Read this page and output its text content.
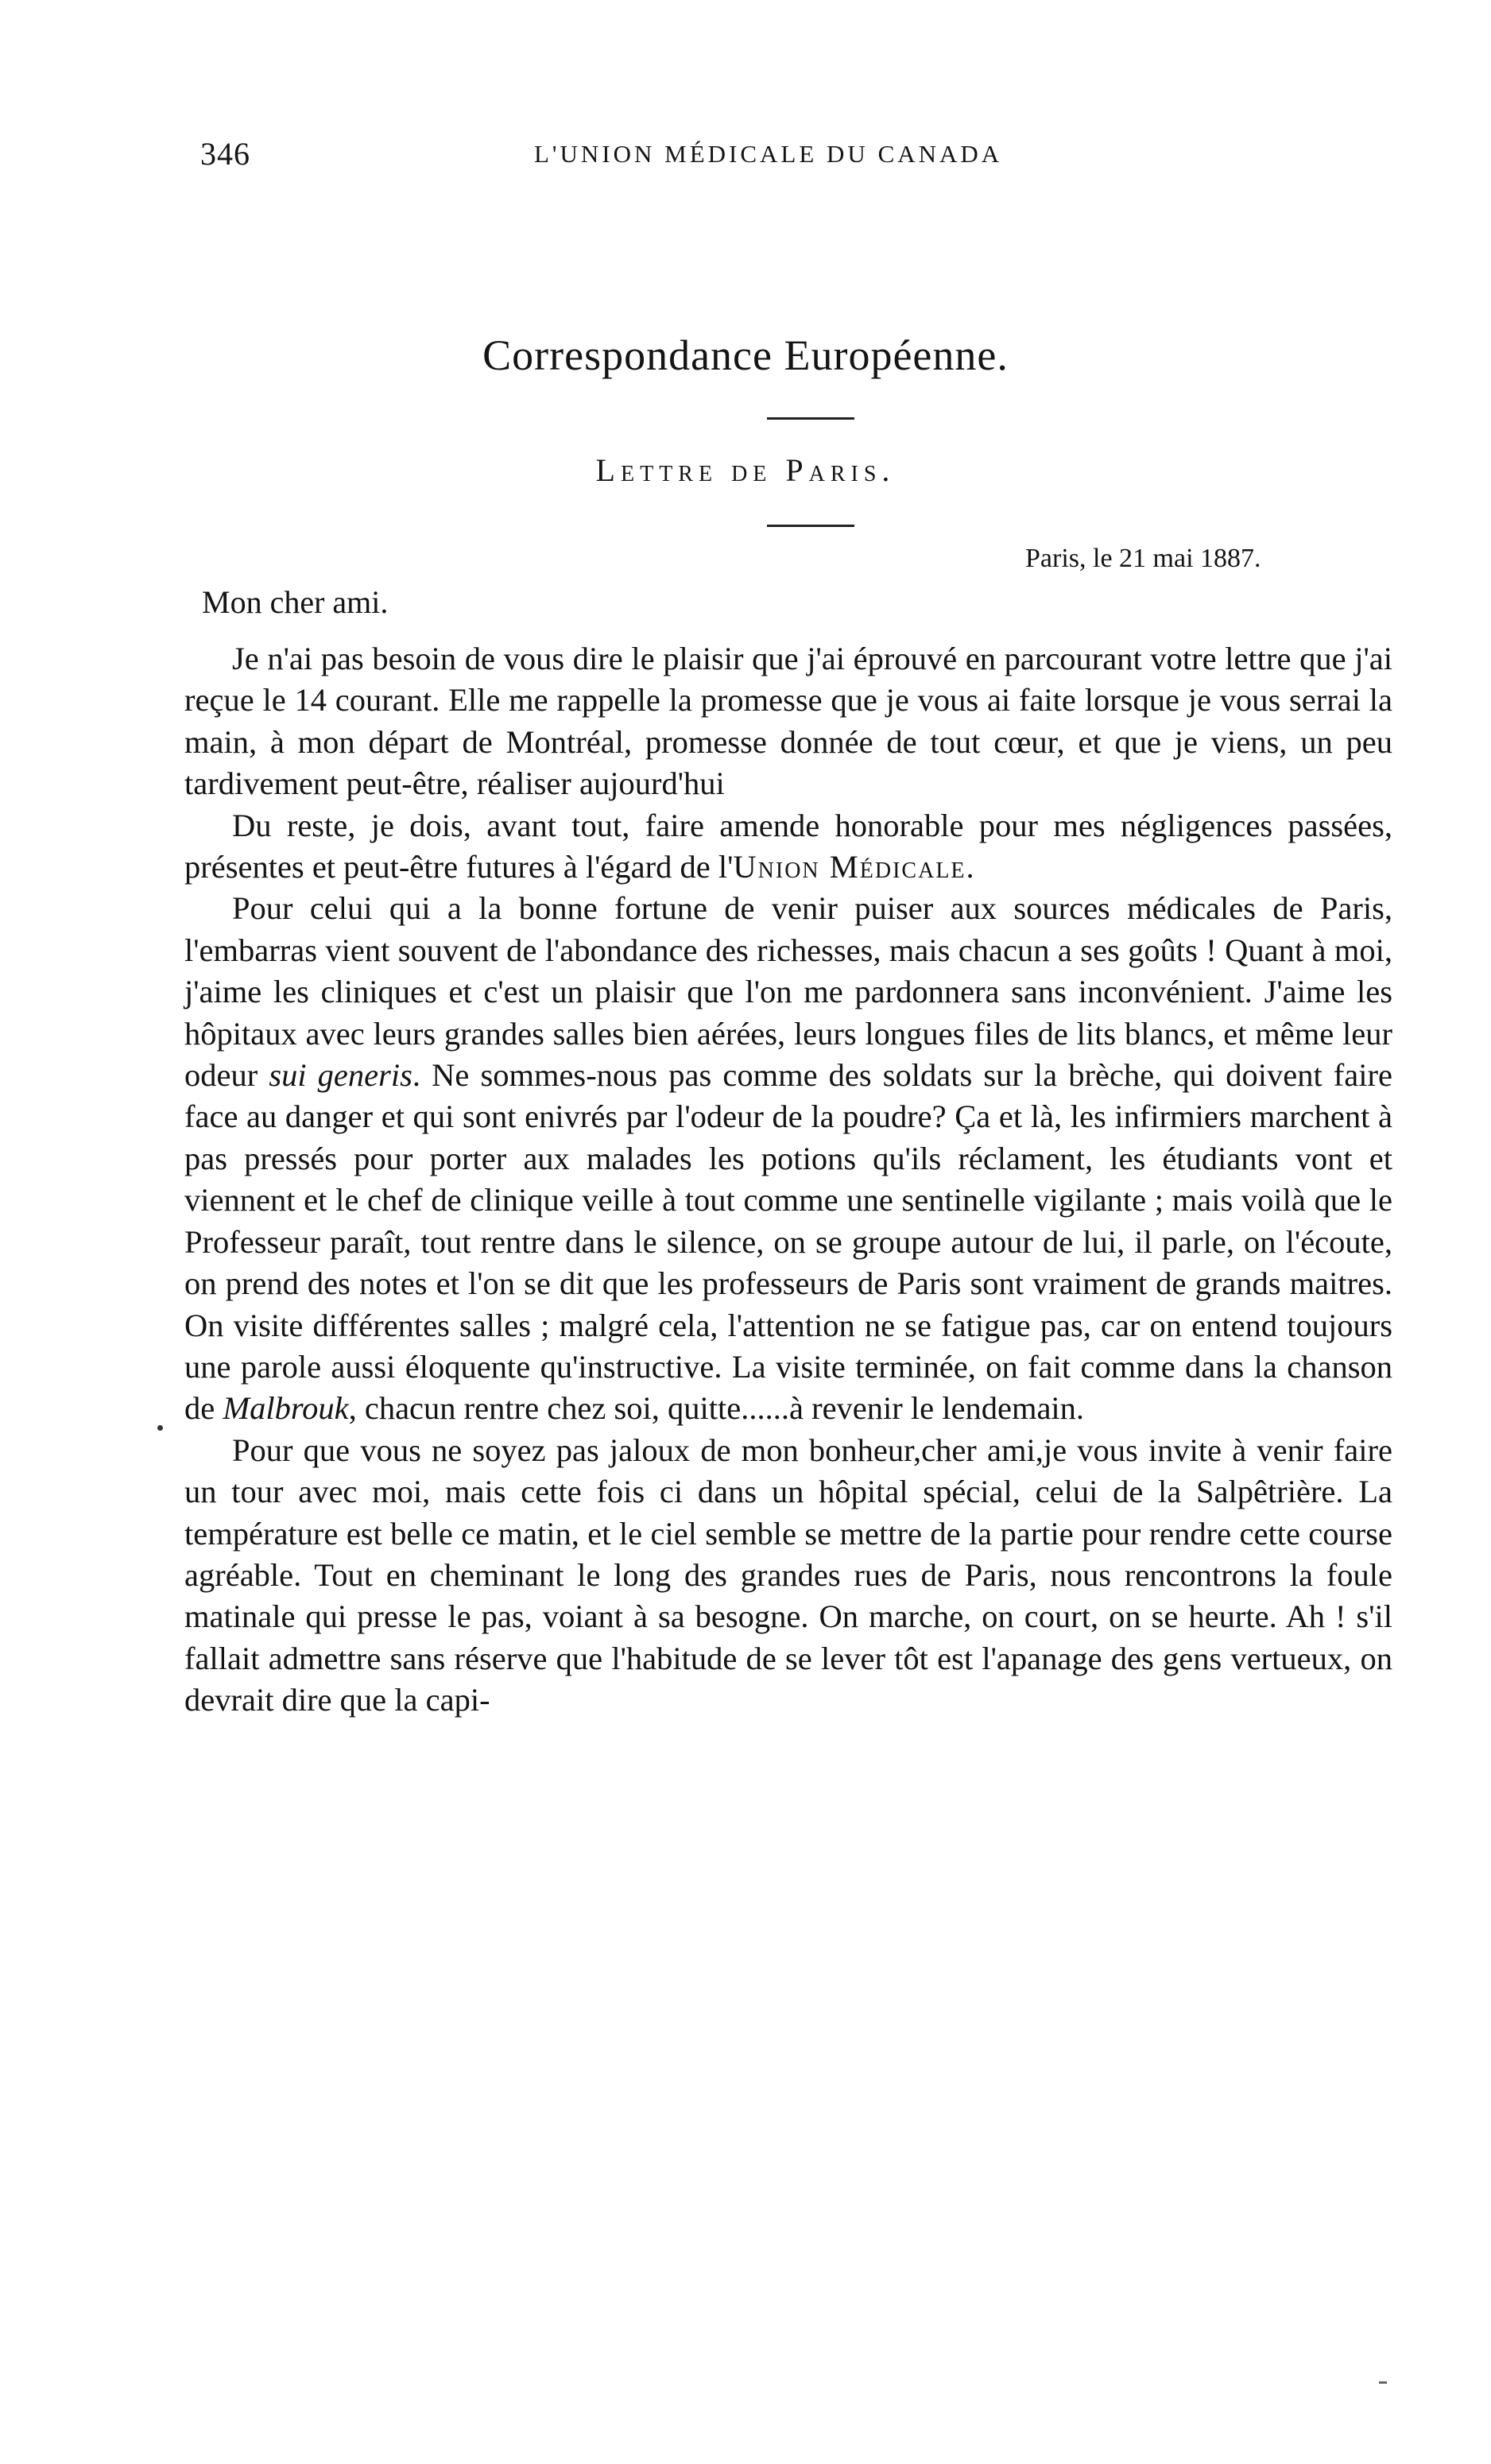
346	L'UNION MÉDICALE DU CANADA
Correspondance Européenne.
Lettre de Paris.
Paris, le 21 mai 1887.
Mon cher ami.

Je n'ai pas besoin de vous dire le plaisir que j'ai éprouvé en parcourant votre lettre que j'ai reçue le 14 courant. Elle me rappelle la promesse que je vous ai faite lorsque je vous serrai la main, à mon départ de Montréal, promesse donnée de tout cœur, et que je viens, un peu tardivement peut-être, réaliser aujourd'hui

Du reste, je dois, avant tout, faire amende honorable pour mes négligences passées, présentes et peut-être futures à l'égard de l'Union Médicale.

Pour celui qui a la bonne fortune de venir puiser aux sources médicales de Paris, l'embarras vient souvent de l'abondance des richesses, mais chacun a ses goûts ! Quant à moi, j'aime les cliniques et c'est un plaisir que l'on me pardonnera sans inconvénient. J'aime les hôpitaux avec leurs grandes salles bien aérées, leurs longues files de lits blancs, et même leur odeur sui generis. Ne sommes-nous pas comme des soldats sur la brèche, qui doivent faire face au danger et qui sont enivrés par l'odeur de la poudre? Ça et là, les infirmiers marchent à pas pressés pour porter aux malades les potions qu'ils réclament, les étudiants vont et viennent et le chef de clinique veille à tout comme une sentinelle vigilante ; mais voilà que le Professeur paraît, tout rentre dans le silence, on se groupe autour de lui, il parle, on l'écoute, on prend des notes et l'on se dit que les professeurs de Paris sont vraiment de grands maitres. On visite différentes salles ; malgré cela, l'attention ne se fatigue pas, car on entend toujours une parole aussi éloquente qu'instructive. La visite terminée, on fait comme dans la chanson de Malbrouk, chacun rentre chez soi, quitte......à revenir le lendemain.

Pour que vous ne soyez pas jaloux de mon bonheur,cher ami,je vous invite à venir faire un tour avec moi, mais cette fois ci dans un hôpital spécial, celui de la Salpêtrière. La température est belle ce matin, et le ciel semble se mettre de la partie pour rendre cette course agréable. Tout en cheminant le long des grandes rues de Paris, nous rencontrons la foule matinale qui presse le pas, voiant à sa besogne. On marche, on court, on se heurte. Ah ! s'il fallait admettre sans réserve que l'habitude de se lever tôt est l'apanage des gens vertueux, on devrait dire que la capi-
